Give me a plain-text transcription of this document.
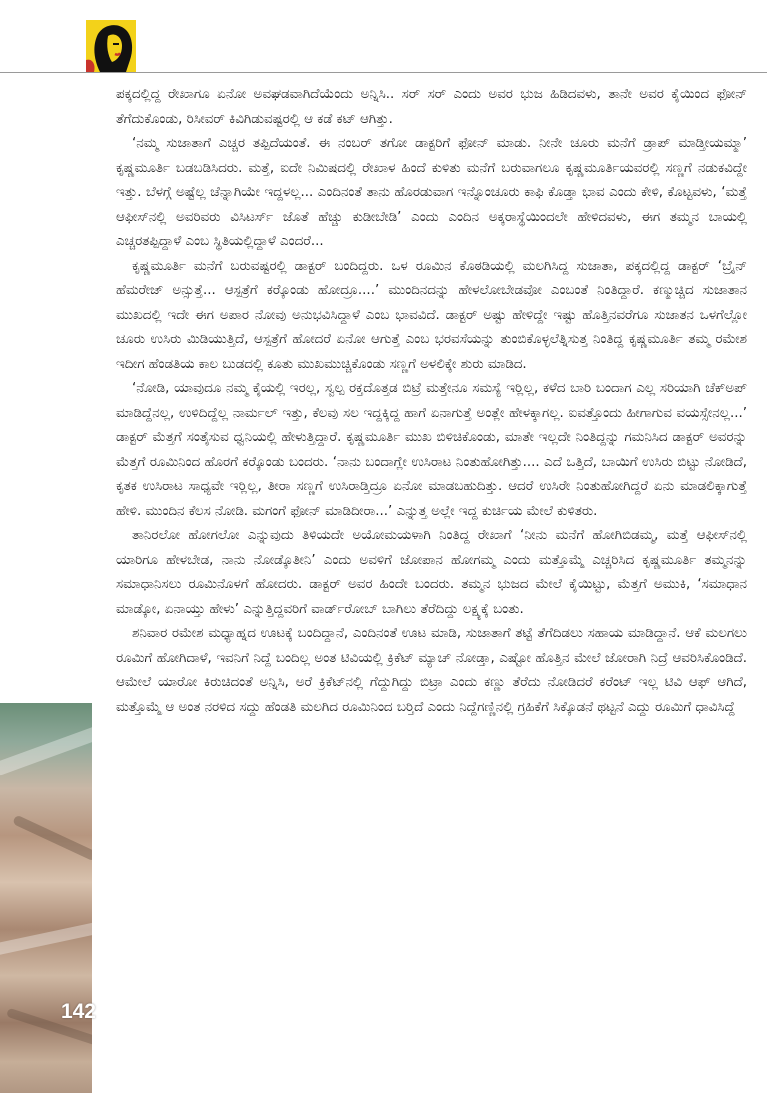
ಪಕ್ಕದಲ್ಲಿದ್ದ ರೇಖಾಗೂ ಏನೋ ಅವಘಡವಾಗಿದೆಯೆಂದು ಅನ್ನಿಸಿ.. ಸರ್ ಸರ್ ಎಂದು ಅವರ ಭುಜ ಹಿಡಿದವಳು, ತಾನೇ ಅವರ ಕೈಯಿಂದ ಫೋನ್ ತೆಗೆದುಕೊಂಡು, ರಿಸೀವರ್ ಕಿವಿಗಿಡುವಷ್ಟರಲ್ಲಿ ಆ ಕಡೆ ಕಟ್ ಆಗಿತ್ತು.

‘ನಮ್ಮ ಸುಜಾತಾಗೆ ಎಚ್ಚರ ತಪ್ಪಿದೆಯಂತೆ. ಈ ನಂಬರ್ ತಗೋ ಡಾಕ್ಟರಿಗೆ ಫೋನ್ ಮಾಡು. ನೀನೇ ಚೂರು ಮನೆಗೆ ಡ್ರಾಪ್ ಮಾಡ್ತೀಯಮ್ಮಾ’ ಕೃಷ್ಣಮೂರ್ತಿ ಬಡಬಡಿಸಿದರು. ಮತ್ತೆ, ಐದೇ ನಿಮಿಷದಲ್ಲಿ ರೇಖಾಳ ಹಿಂದೆ ಕುಳಿತು ಮನೆಗೆ ಬರುವಾಗಲೂ ಕೃಷ್ಣಮೂರ್ತಿಯವರಲ್ಲಿ ಸಣ್ಣಗೆ ನಡುಕವಿದ್ದೇ ಇತ್ತು. ಬೆಳಗ್ಗೆ ಅಷ್ಟೆಲ್ಲ ಚೆನ್ನಾಗಿಯೇ ಇದ್ದಳಲ್ಲ... ಎಂದಿನಂತೆ ತಾನು ಹೊರಡುವಾಗ ಇನ್ನೊಂಚೂರು ಕಾಫಿ ಕೊಡ್ತಾ ಭಾವ ಎಂದು ಕೇಳಿ, ಕೊಟ್ಟವಳು, ‘ಮತ್ತೆ ಆಫೀಸ್‌ನಲ್ಲಿ ಅವರಿವರು ವಿಸಿಟರ್ಸ್ ಜೊತೆ ಹೆಚ್ಚು ಕುಡೀಬೇಡಿ’ ಎಂದು ಎಂದಿನ ಅಕ್ಕರಾಸ್ಥೆಯಿಂದಲೇ ಹೇಳಿದವಳು, ಈಗ ತಮ್ಮನ ಬಾಯಲ್ಲಿ ಎಚ್ಚರತಪ್ಪಿದ್ದಾಳೆ ಎಂಬ ಸ್ಥಿತಿಯಲ್ಲಿದ್ದಾಳೆ ಎಂದರೆ...

ಕೃಷ್ಣಮೂರ್ತಿ ಮನೆಗೆ ಬರುವಷ್ಟರಲ್ಲಿ ಡಾಕ್ಟರ್ ಬಂದಿದ್ದರು. ಒಳ ರೂಮಿನ ಕೊಠಡಿಯಲ್ಲಿ ಮಲಗಿಸಿದ್ದ ಸುಜಾತಾ, ಪಕ್ಕದಲ್ಲಿದ್ದ ಡಾಕ್ಟರ್ ‘ಬ್ರೈನ್ ಹೆಮರೇಜ್ ಅನ್ಸುತ್ತೆ... ಆಸ್ಪತ್ರೆಗೆ ಕರ್‍ಕೊಂಡು ಹೋದ್ರೂ....’ ಮುಂದಿನದನ್ನು ಹೇಳಲೋಬೇಡವೋ ಎಂಬಂತೆ ನಿಂತಿದ್ದಾರೆ. ಕಣ್ಮುಚ್ಚಿದ ಸುಜಾತಾನ ಮುಖದಲ್ಲಿ ಇದೇ ಈಗ ಅಪಾರ ನೋವು ಅನುಭವಿಸಿದ್ದಾಳೆ ಎಂಬ ಭಾವವಿದೆ. ಡಾಕ್ಟರ್ ಅಷ್ಟು ಹೇಳಿದ್ದೇ ಇಷ್ಟು ಹೊತ್ತಿನವರೆಗೂ ಸುಜಾತನ ಒಳಗೆಲ್ಲೋ ಚೂರು ಉಸಿರು ಮಿಡಿಯುತ್ತಿದೆ, ಆಸ್ಪತ್ರೆಗೆ ಹೋದರೆ ಏನೋ ಆಗುತ್ತೆ ಎಂಬ ಭರವಸೆಯನ್ನು ತುಂಬಿಕೊಳ್ಳಲೆತ್ನಿಸುತ್ತ ನಿಂತಿದ್ದ ಕೃಷ್ಣಮೂರ್ತಿ ತಮ್ಮ ರಮೇಶ ಇದೀಗ ಹೆಂಡತಿಯ ಕಾಲ ಬುಡದಲ್ಲಿ ಕೂತು ಮುಖಮುಚ್ಚಿಕೊಂಡು ಸಣ್ಣಗೆ ಅಳಲಿಕ್ಕೇ ಶುರು ಮಾಡಿದ.

‘ನೋಡಿ, ಯಾವುದೂ ನಮ್ಮ ಕೈಯಲ್ಲಿ ಇರಲ್ಲ, ಸ್ವಲ್ಪ ರಕ್ತದೊತ್ತಡ ಬಿಟ್ರೆ ಮತ್ತೇನೂ ಸಮಸ್ಯೆ ಇರ್‍ಲಿಲ್ಲ, ಕಳೆದ ಬಾರಿ ಬಂದಾಗ ಎಲ್ಲ ಸರಿಯಾಗಿ ಚೆಕ್‌ಅಪ್ ಮಾಡಿದ್ದೆನಲ್ಲ, ಉಳಿದಿದ್ದೆಲ್ಲ ನಾರ್ಮಲ್ ಇತ್ತು, ಕೆಲವು ಸಲ ಇದ್ದಕ್ಕಿದ್ದ ಹಾಗೆ ಏನಾಗುತ್ತೆ ಅಂತ್ಲೇ ಹೇಳಕ್ಕಾಗಲ್ಲ. ಐವತ್ತೊಂದು ಹೀಗಾಗುವ ವಯಸ್ಸೇನಲ್ಲ...’ ಡಾಕ್ಟರ್ ಮೆತ್ತಗೆ ಸಂತೈಸುವ ಧ್ವನಿಯಲ್ಲಿ ಹೇಳುತ್ತಿದ್ದಾರೆ. ಕೃಷ್ಣಮೂರ್ತಿ ಮುಖ ಬಿಳಿಚಿಕೊಂಡು, ಮಾತೇ ಇಲ್ಲದೇ ನಿಂತಿದ್ದನ್ನು ಗಮನಿಸಿದ ಡಾಕ್ಟರ್ ಅವರನ್ನು ಮೆತ್ತಗೆ ರೂಮಿನಿಂದ ಹೊರಗೆ ಕರ್‍ಕೊಂಡು ಬಂದರು. ‘ನಾನು ಬಂದಾಗ್ಲೇ ಉಸಿರಾಟ ನಿಂತುಹೋಗಿತ್ತು.... ಎದೆ ಒತ್ತಿದೆ, ಬಾಯಿಗೆ ಉಸಿರು ಬಿಟ್ಟು ನೋಡಿದೆ, ಕೃತಕ ಉಸಿರಾಟ ಸಾಧ್ಯವೇ ಇರ್‍ಲಿಲ್ಲ, ತೀರಾ ಸಣ್ಣಗೆ ಉಸಿರಾಡ್ತಿದ್ರೂ ಏನೋ ಮಾಡಬಹುದಿತ್ತು. ಆದರೆ ಉಸಿರೇ ನಿಂತುಹೋಗಿದ್ದರೆ ಏನು ಮಾಡಲಿಕ್ಕಾಗುತ್ತೆ ಹೇಳಿ. ಮುಂದಿನ ಕೆಲಸ ನೋಡಿ. ಮಗಂಗೆ ಫೋನ್ ಮಾಡಿದೀರಾ...’ ಎನ್ನುತ್ತ ಅಲ್ಲೇ ಇದ್ದ ಕುರ್ಚಿಯ ಮೇಲೆ ಕುಳಿತರು.

ತಾನಿರಲೋ ಹೋಗಲೋ ಎನ್ನುವುದು ತಿಳಿಯದೇ ಅಯೋಮಯಳಾಗಿ ನಿಂತಿದ್ದ ರೇಖಾಗೆ ‘ನೀನು ಮನೆಗೆ ಹೋಗಿಬಿಡಮ್ಮ, ಮತ್ತೆ ಆಫೀಸ್‌ನಲ್ಲಿ ಯಾರಿಗೂ ಹೇಳಬೇಡ, ನಾನು ನೋಡ್ಕೊತೀನಿ’ ಎಂದು ಅವಳಿಗೆ ಜೋಪಾನ ಹೋಗಮ್ಮ ಎಂದು ಮತ್ತೊಮ್ಮೆ ಎಚ್ಚರಿಸಿದ ಕೃಷ್ಣಮೂರ್ತಿ ತಮ್ಮನನ್ನು ಸಮಾಧಾನಿಸಲು ರೂಮಿನೊಳಗೆ ಹೋದರು. ಡಾಕ್ಟರ್ ಅವರ ಹಿಂದೇ ಬಂದರು. ತಮ್ಮನ ಭುಜದ ಮೇಲೆ ಕೈಯಿಟ್ಟು, ಮೆತ್ತಗೆ ಅಮುಕಿ, ‘ಸಮಾಧಾನ ಮಾಡ್ಕೋ, ಏನಾಯ್ತು ಹೇಳು’ ಎನ್ನುತ್ತಿದ್ದವರಿಗೆ ವಾರ್ಡ್‌ರೋಬ್ ಬಾಗಿಲು ತೆರೆದಿದ್ದು ಲಕ್ಷ್ಯಕ್ಕೆ ಬಂತು.

ಶನಿವಾರ ರಮೇಶ ಮಧ್ಯಾಹ್ನದ ಊಟಕ್ಕೆ ಬಂದಿದ್ದಾನೆ, ಎಂದಿನಂತೆ ಊಟ ಮಾಡಿ, ಸುಜಾತಾಗೆ ತಟ್ಟೆ ತೆಗೆದಿಡಲು ಸಹಾಯ ಮಾಡಿದ್ದಾನೆ. ಆಕೆ ಮಲಗಲು ರೂಮಿಗೆ ಹೋಗಿದಾಳೆ, ಇವನಿಗೆ ನಿದ್ದೆ ಬಂದಿಲ್ಲ ಅಂತ ಟಿವಿಯಲ್ಲಿ ಕ್ರಿಕೆಟ್ ಮ್ಯಾಚ್ ನೋಡ್ತಾ, ಎಷ್ಟೋ ಹೊತ್ತಿನ ಮೇಲೆ ಜೋರಾಗಿ ನಿದ್ರೆ ಆವರಿಸಿಕೊಂಡಿದೆ. ಆಮೇಲೆ ಯಾರೋ ಕಿರುಚಿದಂತೆ ಅನ್ನಿಸಿ, ಅರೆ ಕ್ರಿಕೆಟ್‌ನಲ್ಲಿ ಗೆದ್ದುಗಿದ್ದು ಬಿಟ್ರಾ ಎಂದು ಕಣ್ಣು ತೆರೆದು ನೋಡಿದರೆ ಕರೆಂಟ್ ಇಲ್ಲ ಟಿವಿ ಆಫ್ ಆಗಿದೆ, ಮತ್ತೊಮ್ಮೆ ಆ ಅಂತ ನರಳಿದ ಸದ್ದು ಹೆಂಡತಿ ಮಲಗಿದ ರೂಮಿನಿಂದ ಬರ್‍ತಿದೆ ಎಂದು ನಿದ್ದೆಗಣ್ಣಿನಲ್ಲಿ ಗ್ರಹಿಕೆಗೆ ಸಿಕ್ಕೊಡನೆ ಥಟ್ಟನೆ ಎದ್ದು ರೂಮಿಗೆ ಧಾವಿಸಿದ್ದೆ

142
